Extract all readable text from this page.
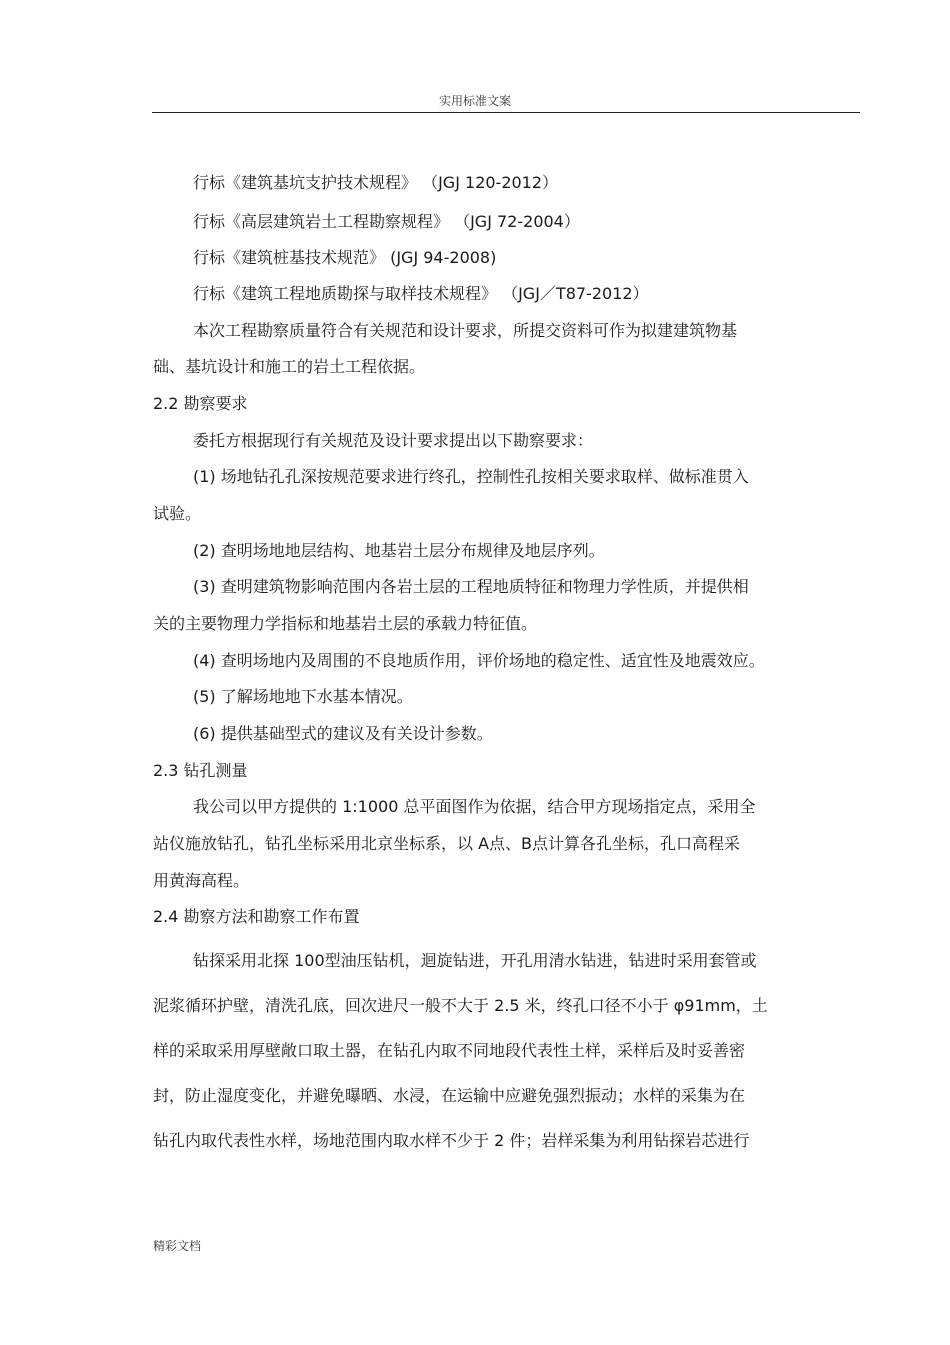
实用标准文案
行标《建筑基坑支护技术规程》 （JGJ 120-2012）
行标《高层建筑岩土工程勘察规程》 （JGJ 72-2004）
行标《建筑桩基技术规范》 (JGJ 94-2008)
行标《建筑工程地质勘探与取样技术规程》 （JGJ／T87-2012）
本次工程勘察质量符合有关规范和设计要求，所提交资料可作为拟建建筑物基
础、基坑设计和施工的岩土工程依据。
2.2 勘察要求
委托方根据现行有关规范及设计要求提出以下勘察要求：
(1) 场地钻孔孔深按规范要求进行终孔，控制性孔按相关要求取样、做标准贯入
试验。
(2) 查明场地地层结构、地基岩土层分布规律及地层序列。
(3) 查明建筑物影响范围内各岩土层的工程地质特征和物理力学性质，并提供相
关的主要物理力学指标和地基岩土层的承载力特征值。
(4) 查明场地内及周围的不良地质作用，评价场地的稳定性、适宜性及地震效应。
(5) 了解场地地下水基本情况。
(6) 提供基础型式的建议及有关设计参数。
2.3 钻孔测量
我公司以甲方提供的 1:1000 总平面图作为依据，结合甲方现场指定点，采用全
站仪施放钻孔，钻孔坐标采用北京坐标系，以 A点、B点计算各孔坐标，孔口高程采
用黄海高程。
2.4 勘察方法和勘察工作布置
钻探采用北探 100型油压钻机，迴旋钻进，开孔用清水钻进，钻进时采用套管或
泥浆循环护壁，清洗孔底，回次进尺一般不大于 2.5 米，终孔口径不小于 φ91mm，土
样的采取采用厚壁敞口取土器，在钻孔内取不同地段代表性土样，采样后及时妥善密
封，防止湿度变化，并避免曝晒、水浸，在运输中应避免强烈振动；水样的采集为在
钻孔内取代表性水样，场地范围内取水样不少于 2 件；岩样采集为利用钻探岩芯进行
精彩文档
